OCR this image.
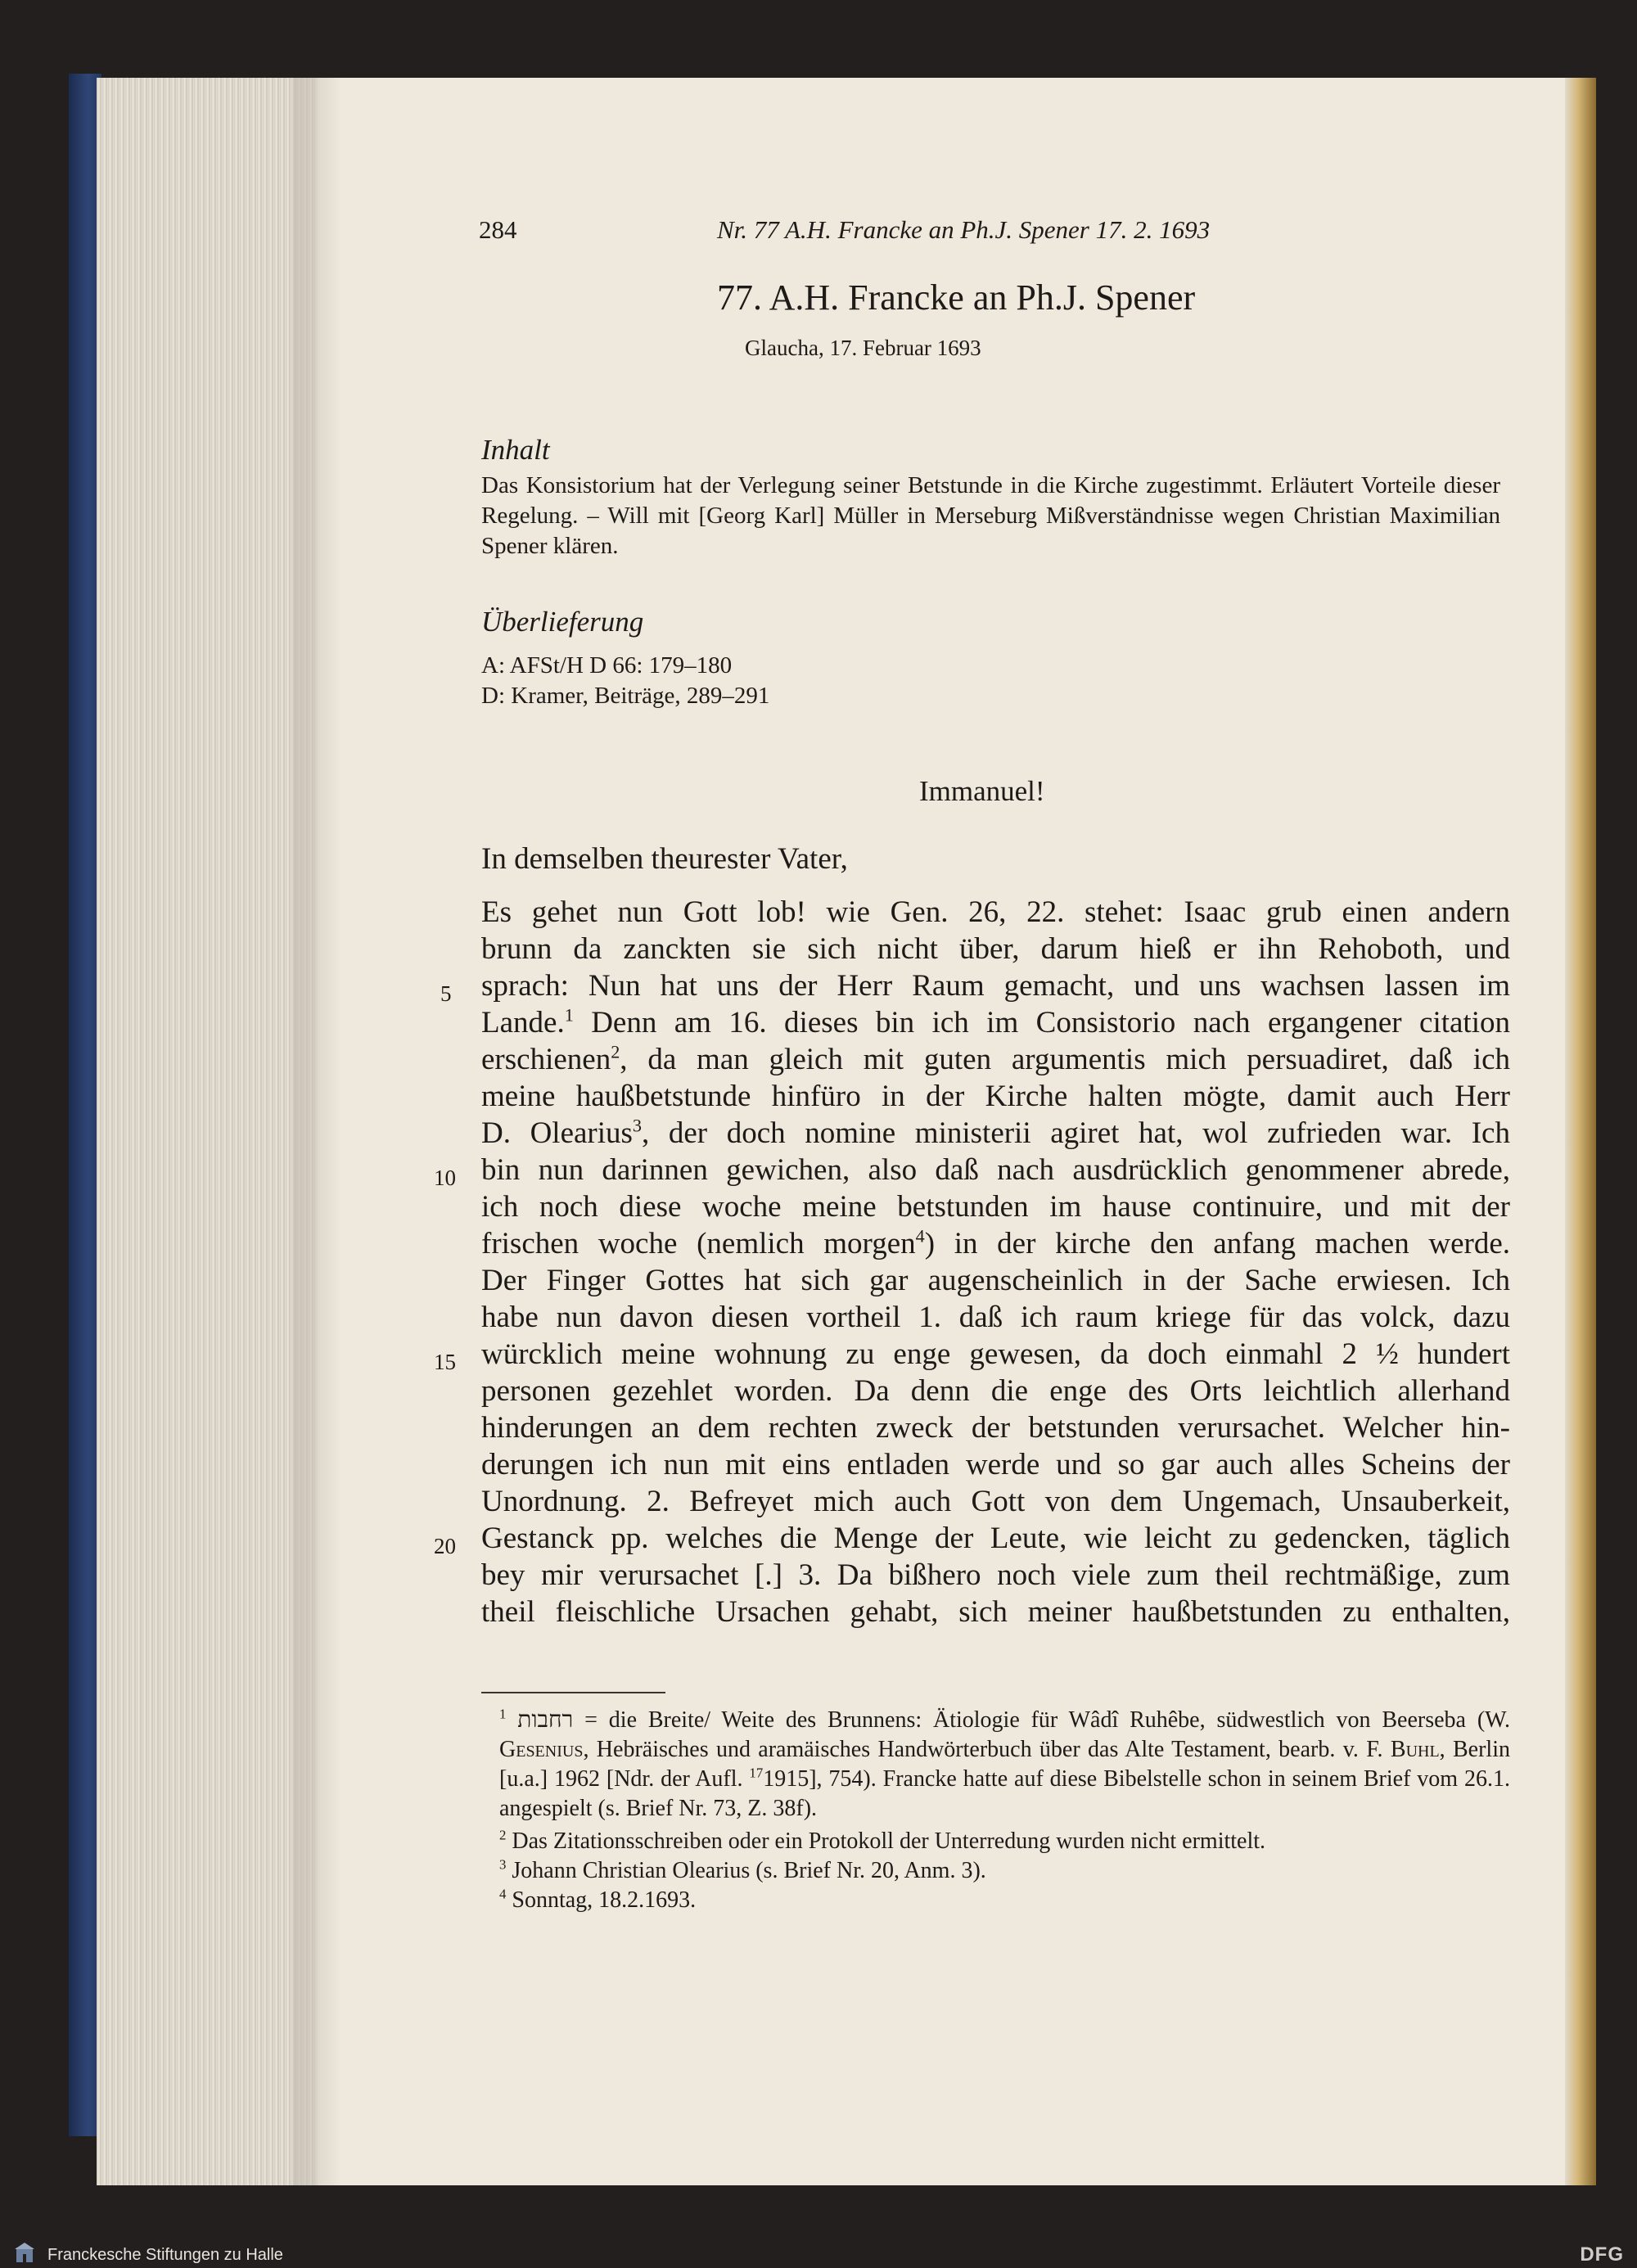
284	Nr. 77 A.H. Francke an Ph.J. Spener 17. 2. 1693
77. A.H. Francke an Ph.J. Spener
Glaucha, 17. Februar 1693
Inhalt
Das Konsistorium hat der Verlegung seiner Betstunde in die Kirche zugestimmt. Erläutert Vorteile dieser Regelung. – Will mit [Georg Karl] Müller in Merseburg Mißverständnisse wegen Christian Maximilian Spener klären.
Überlieferung
A: AFSt/H D 66: 179–180
D: Kramer, Beiträge, 289–291
Immanuel!
In demselben theurester Vater,
Es gehet nun Gott lob! wie Gen. 26, 22. stehet: Isaac grub einen andern
brunn da zanckten sie sich nicht über, darum hieß er ihn Rehoboth, und
sprach: Nun hat uns der Herr Raum gemacht, und uns wachsen lassen im
Lande.$^1$ Denn am 16. dieses bin ich im Consistorio nach ergangener citation
erschienen$^2$, da man gleich mit guten argumentis mich persuadiret, daß ich
meine haußbetstunde hinfüro in der Kirche halten mögte, damit auch Herr
D. Olearius$^3$, der doch nomine ministerii agiret hat, wol zufrieden war. Ich
bin nun darinnen gewichen, also daß nach ausdrücklich genommener abrede,
ich noch diese woche meine betstunden im hause continuire, und mit der
frischen woche (nemlich morgen$^4$) in der kirche den anfang machen werde.
Der Finger Gottes hat sich gar augenscheinlich in der Sache erwiesen. Ich
habe nun davon diesen vortheil 1. daß ich raum kriege für das volck, dazu
würcklich meine wohnung zu enge gewesen, da doch einmahl 2 ½ hundert
personen gezehlet worden. Da denn die enge des Orts leichtlich allerhand
hinderungen an dem rechten zweck der betstunden verursachet. Welcher hin-
derungen ich nun mit eins entladen werde und so gar auch alles Scheins der
Unordnung. 2. Befreyet mich auch Gott von dem Ungemach, Unsauberkeit,
Gestanck pp. welches die Menge der Leute, wie leicht zu gedencken, täglich
bey mir verursachet [.] 3. Da bißhero noch viele zum theil rechtmäßige, zum
theil fleischliche Ursachen gehabt, sich meiner haußbetstunden zu enthalten,
5
10
15
20
$^1$ רחבות = die Breite/ Weite des Brunnens: Ätiologie für Wâdî Ruhêbe, südwestlich von Beerseba (W. Gesenius, Hebräisches und aramäisches Handwörterbuch über das Alte Testament, bearb. v. F. Buhl, Berlin [u.a.] 1962 [Ndr. der Aufl. $^{17}$1915], 754). Francke hatte auf diese Bibelstelle schon in seinem Brief vom 26.1. angespielt (s. Brief Nr. 73, Z. 38f).
$^2$ Das Zitationsschreiben oder ein Protokoll der Unterredung wurden nicht ermittelt.
$^3$ Johann Christian Olearius (s. Brief Nr. 20, Anm. 3).
$^4$ Sonntag, 18.2.1693.
Franckesche Stiftungen zu Halle	DFG
